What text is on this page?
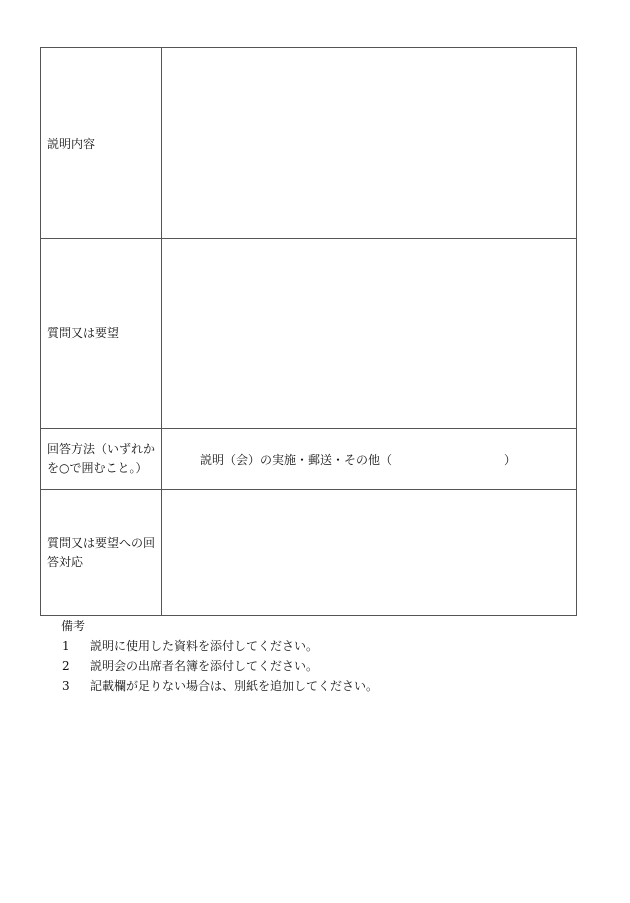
説明内容	
質問又は要望	
回答方法（いずれかを○で囲むこと。）	説明（会）の実施・郵送・その他（ ）

質問又は要望への回答対応	
備考
1	説明に使用した資料を添付してください。
2	説明会の出席者名簿を添付してください。
3	記載欄が足りない場合は、別紙を追加してください。
